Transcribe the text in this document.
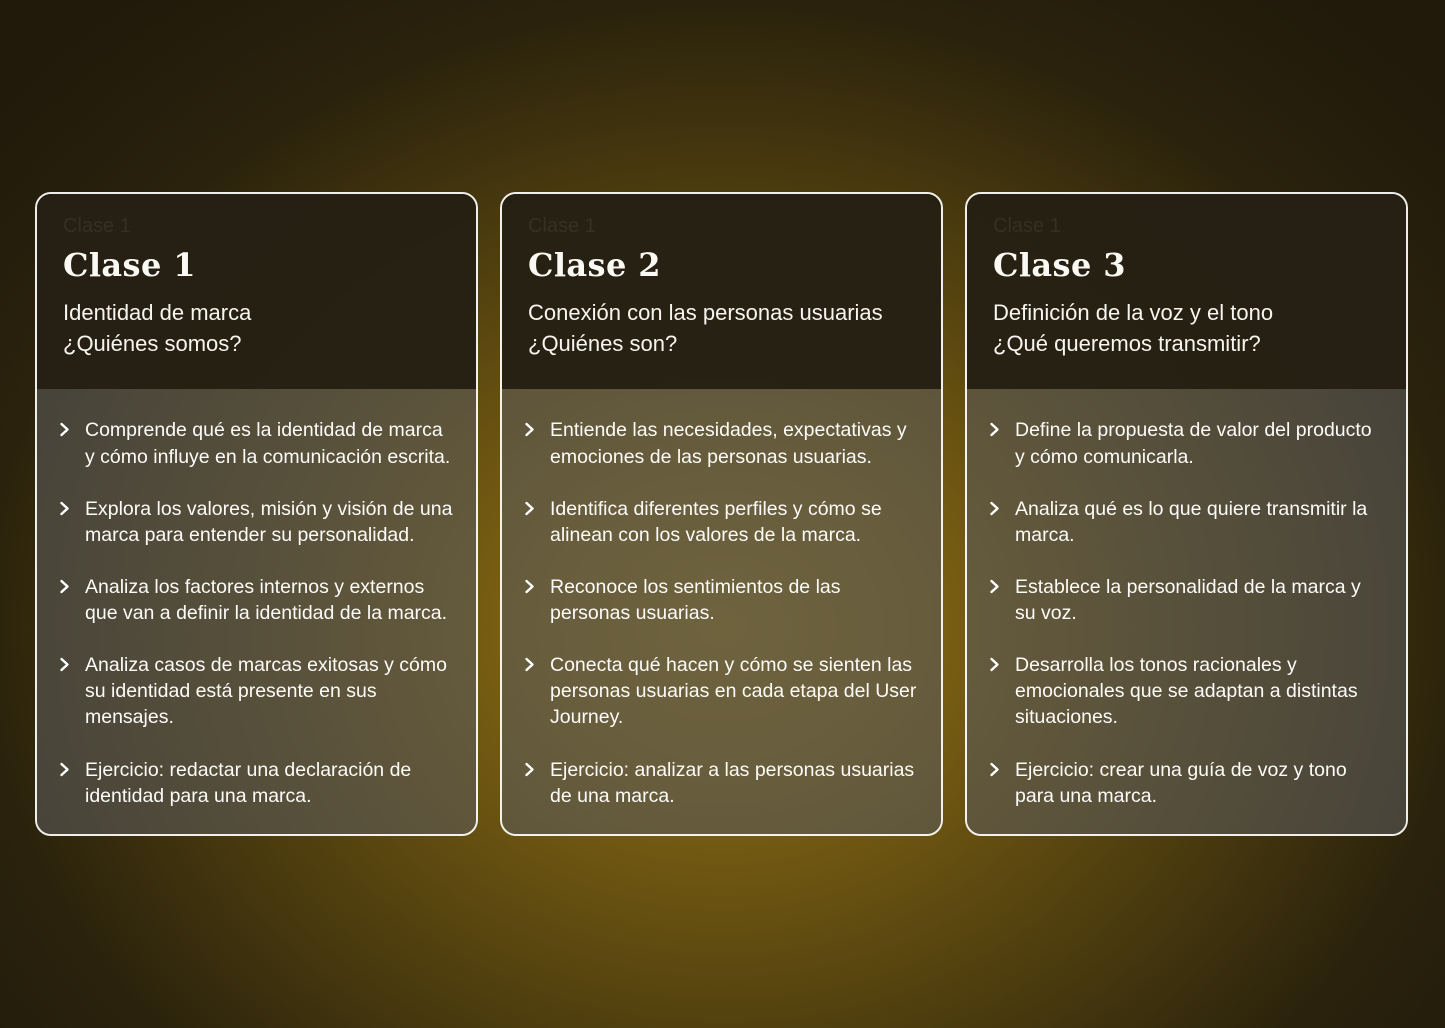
Clase 1
Clase 1
Identidad de marca
¿Quiénes somos?
Comprende qué es la identidad de marca y cómo influye en la comunicación escrita.
Explora los valores, misión y visión de una marca para entender su personalidad.
Analiza los factores internos y externos que van a definir la identidad de la marca.
Analiza casos de marcas exitosas y cómo su identidad está presente en sus mensajes.
Ejercicio: redactar una declaración de identidad para una marca.
Clase 1
Clase 2
Conexión con las personas usuarias
¿Quiénes son?
Entiende las necesidades, expectativas y emociones de las personas usuarias.
Identifica diferentes perfiles y cómo se alinean con los valores de la marca.
Reconoce los sentimientos de las personas usuarias.
Conecta qué hacen y cómo se sienten las personas usuarias en cada etapa del User Journey.
Ejercicio: analizar a las personas usuarias de una marca.
Clase 1
Clase 3
Definición de la voz y el tono
¿Qué queremos transmitir?
Define la propuesta de valor del producto y cómo comunicarla.
Analiza qué es lo que quiere transmitir la marca.
Establece la personalidad de la marca y su voz.
Desarrolla los tonos racionales y emocionales que se adaptan a distintas situaciones.
Ejercicio: crear una guía de voz y tono para una marca.
